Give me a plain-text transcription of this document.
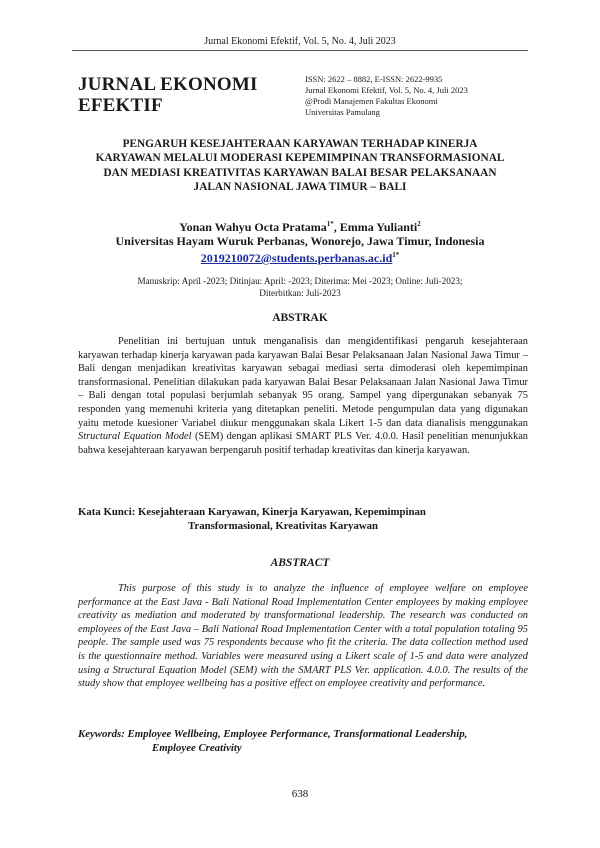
Jurnal Ekonomi Efektif, Vol. 5, No. 4, Juli 2023
JURNAL EKONOMI EFEKTIF
ISSN: 2622 – 8882, E-ISSN: 2622-9935
Jurnal Ekonomi Efektif, Vol. 5, No. 4, Juli 2023
@Prodi Manajemen Fakultas Ekonomi
Universitas Pamulang
PENGARUH KESEJAHTERAAN KARYAWAN TERHADAP KINERJA
KARYAWAN MELALUI MODERASI KEPEMIMPINAN TRANSFORMASIONAL
DAN MEDIASI KREATIVITAS KARYAWAN BALAI BESAR PELAKSANAAN
JALAN NASIONAL JAWA TIMUR – BALI
Yonan Wahyu Octa Pratama$^{1*}$, Emma Yulianti$^2$
Universitas Hayam Wuruk Perbanas, Wonorejo, Jawa Timur, Indonesia
$2019210072@students.perbanas.ac.id^{1*}$
Manuskrip: April -2023; Ditinjau: April: -2023; Diterima: Mei -2023; Online: Juli-2023;
Diterbitkan: Juli-2023
ABSTRAK

Penelitian ini bertujuan untuk menganalisis dan mengidentifikasi pengaruh kesejahteraan karyawan terhadap kinerja karyawan pada karyawan Balai Besar Pelaksanaan Jalan Nasional Jawa Timur – Bali dengan menjadikan kreativitas karyawan sebagai mediasi serta dimoderasi oleh kepemimpinan transformasional. Penelitian dilakukan pada karyawan Balai Besar Pelaksanaan Jalan Nasional Jawa Timur – Bali dengan total populasi berjumlah sebanyak 95 orang. Sampel yang dipergunakan sebanyak 75 responden yang memenuhi kriteria yang ditetapkan peneliti. Metode pengumpulan data yang digunakan yaitu metode kuesioner Variabel diukur menggunakan skala Likert 1-5 dan data dianalisis menggunakan Structural Equation Model (SEM) dengan aplikasi SMART PLS Ver. 4.0.0. Hasil penelitian menunjukkan bahwa kesejahteraan karyawan berpengaruh positif terhadap kreativitas dan kinerja karyawan.

Kata Kunci: Kesejahteraan Karyawan, Kinerja Karyawan, Kepemimpinan
Transformasional, Kreativitas Karyawan
ABSTRACT

This purpose of this study is to analyze the influence of employee welfare on employee performance at the East Java - Bali National Road Implementation Center employees by making employee creativity as mediation and moderated by transformational leadership. The research was conducted on employees of the East Java – Bali National Road Implementation Center with a total population totaling 95 people. The sample used was 75 respondents because who fit the criteria. The data collection method used is the questionnaire method. Variables were measured using a Likert scale of 1-5 and data were analyzed using a Structural Equation Model (SEM) with the SMART PLS Ver. application. 4.0.0. The results of the study show that employee wellbeing has a positive effect on employee creativity and performance.

Keywords: Employee Wellbeing, Employee Performance, Transformational Leadership,
Employee Creativity
638
